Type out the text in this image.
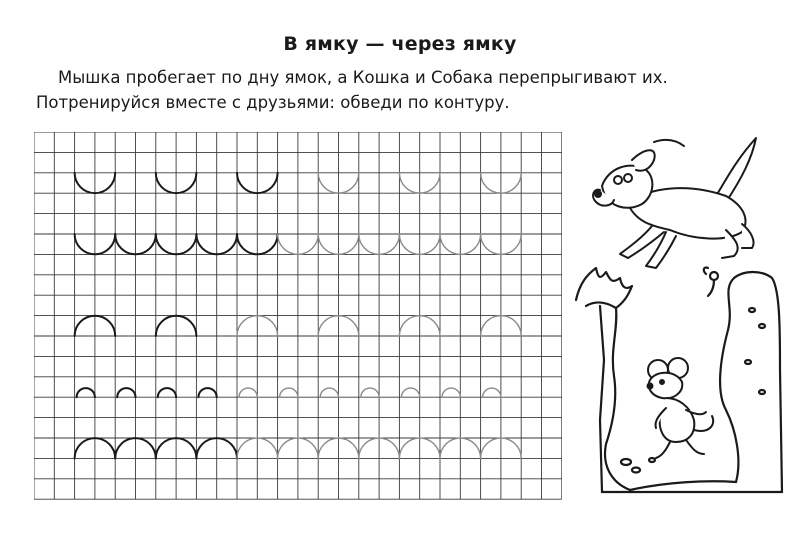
В ямку — через ямку
Мышка пробегает по дну ямок, а Кошка и Собака перепрыгивают их.
Потренируйся вместе с друзьями: обведи по контуру.
